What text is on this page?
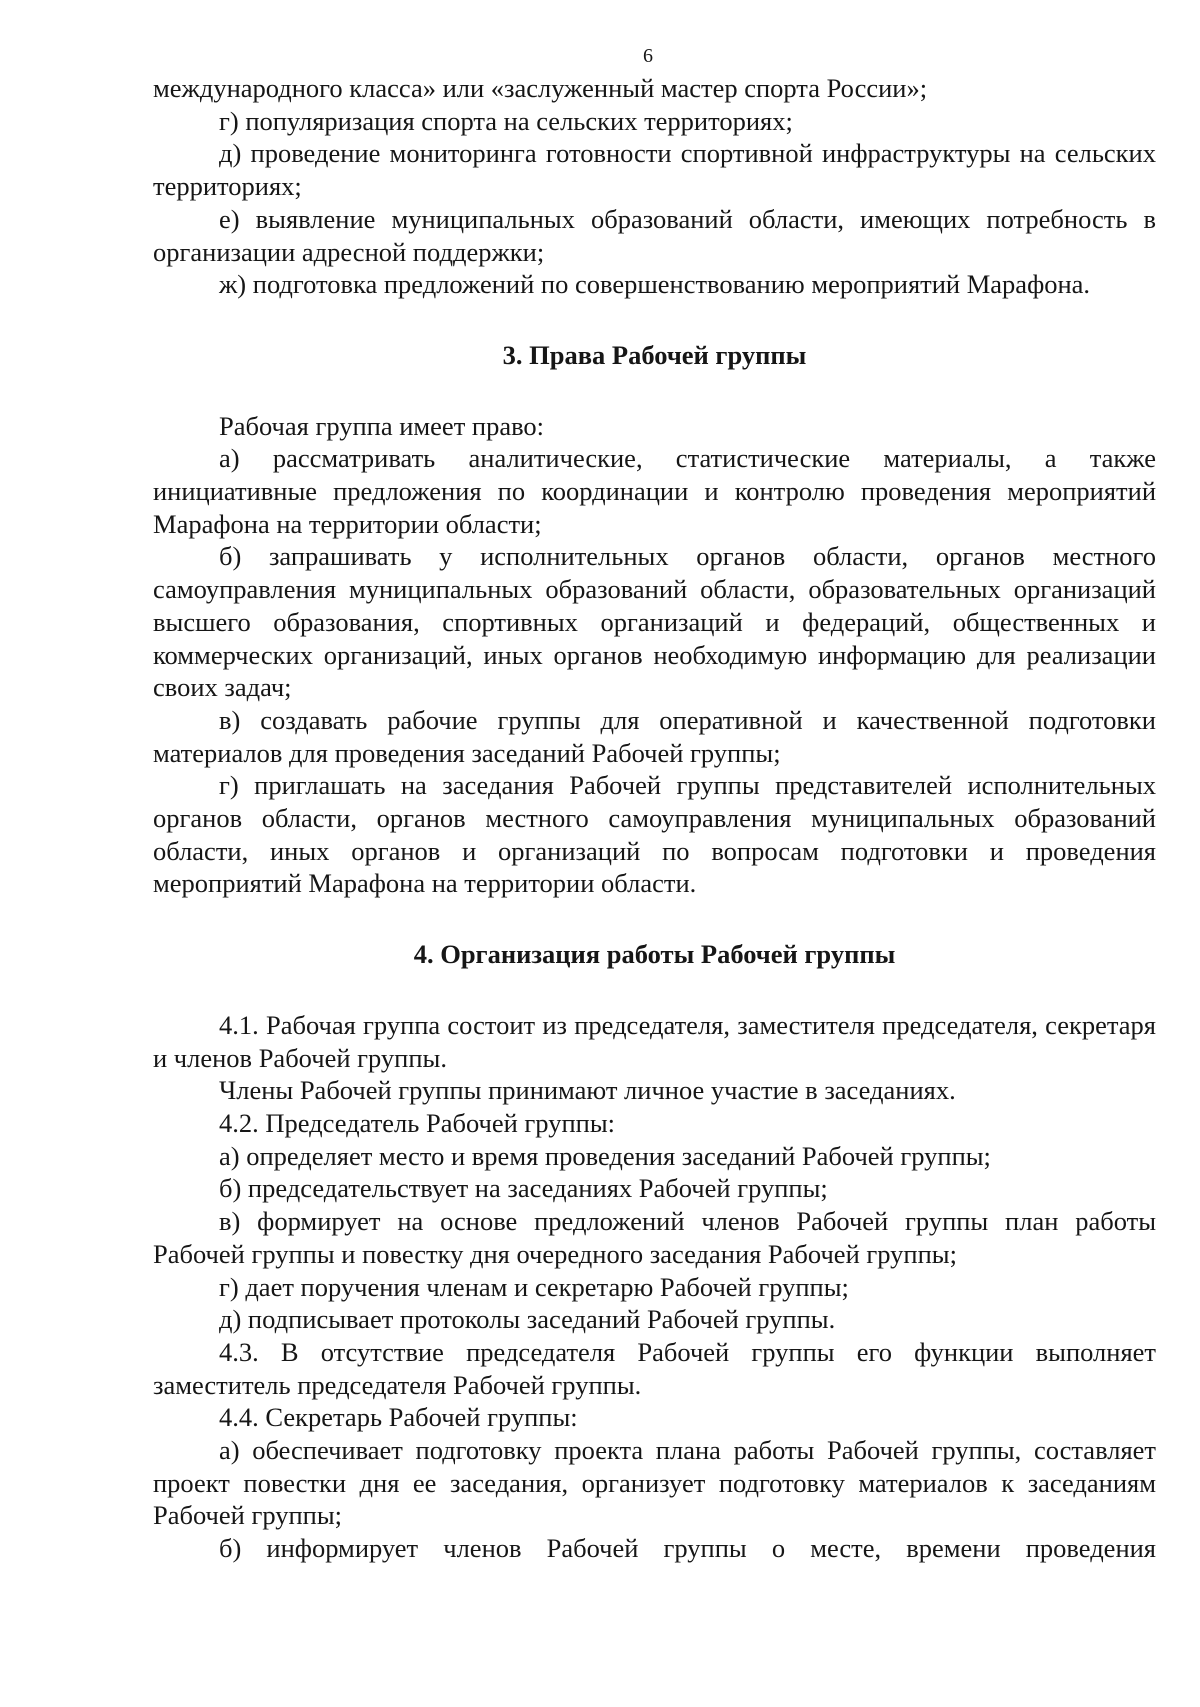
6

международного класса» или «заслуженный мастер спорта России»;

г) популяризация спорта на сельских территориях;

д) проведение мониторинга готовности спортивной инфраструктуры на сельских территориях;

е) выявление муниципальных образований области, имеющих потребность в организации адресной поддержки;

ж) подготовка предложений по совершенствованию мероприятий Марафона.

3. Права Рабочей группы

Рабочая группа имеет право:

а) рассматривать аналитические, статистические материалы, а также инициативные предложения по координации и контролю проведения мероприятий Марафона на территории области;

б) запрашивать у исполнительных органов области, органов местного самоуправления муниципальных образований области, образовательных организаций высшего образования, спортивных организаций и федераций, общественных и коммерческих организаций, иных органов необходимую информацию для реализации своих задач;

в) создавать рабочие группы для оперативной и качественной подготовки материалов для проведения заседаний Рабочей группы;

г) приглашать на заседания Рабочей группы представителей исполнительных органов области, органов местного самоуправления муниципальных образований области, иных органов и организаций по вопросам подготовки и проведения мероприятий Марафона на территории области.

4. Организация работы Рабочей группы

4.1. Рабочая группа состоит из председателя, заместителя председателя, секретаря и членов Рабочей группы.

Члены Рабочей группы принимают личное участие в заседаниях.

4.2. Председатель Рабочей группы:

а) определяет место и время проведения заседаний Рабочей группы;

б) председательствует на заседаниях Рабочей группы;

в) формирует на основе предложений членов Рабочей группы план работы Рабочей группы и повестку дня очередного заседания Рабочей группы;

г) дает поручения членам и секретарю Рабочей группы;

д) подписывает протоколы заседаний Рабочей группы.

4.3. В отсутствие председателя Рабочей группы его функции выполняет заместитель председателя Рабочей группы.

4.4. Секретарь Рабочей группы:

а) обеспечивает подготовку проекта плана работы Рабочей группы, составляет проект повестки дня ее заседания, организует подготовку материалов к заседаниям Рабочей группы;

б) информирует членов Рабочей группы о месте, времени проведения
